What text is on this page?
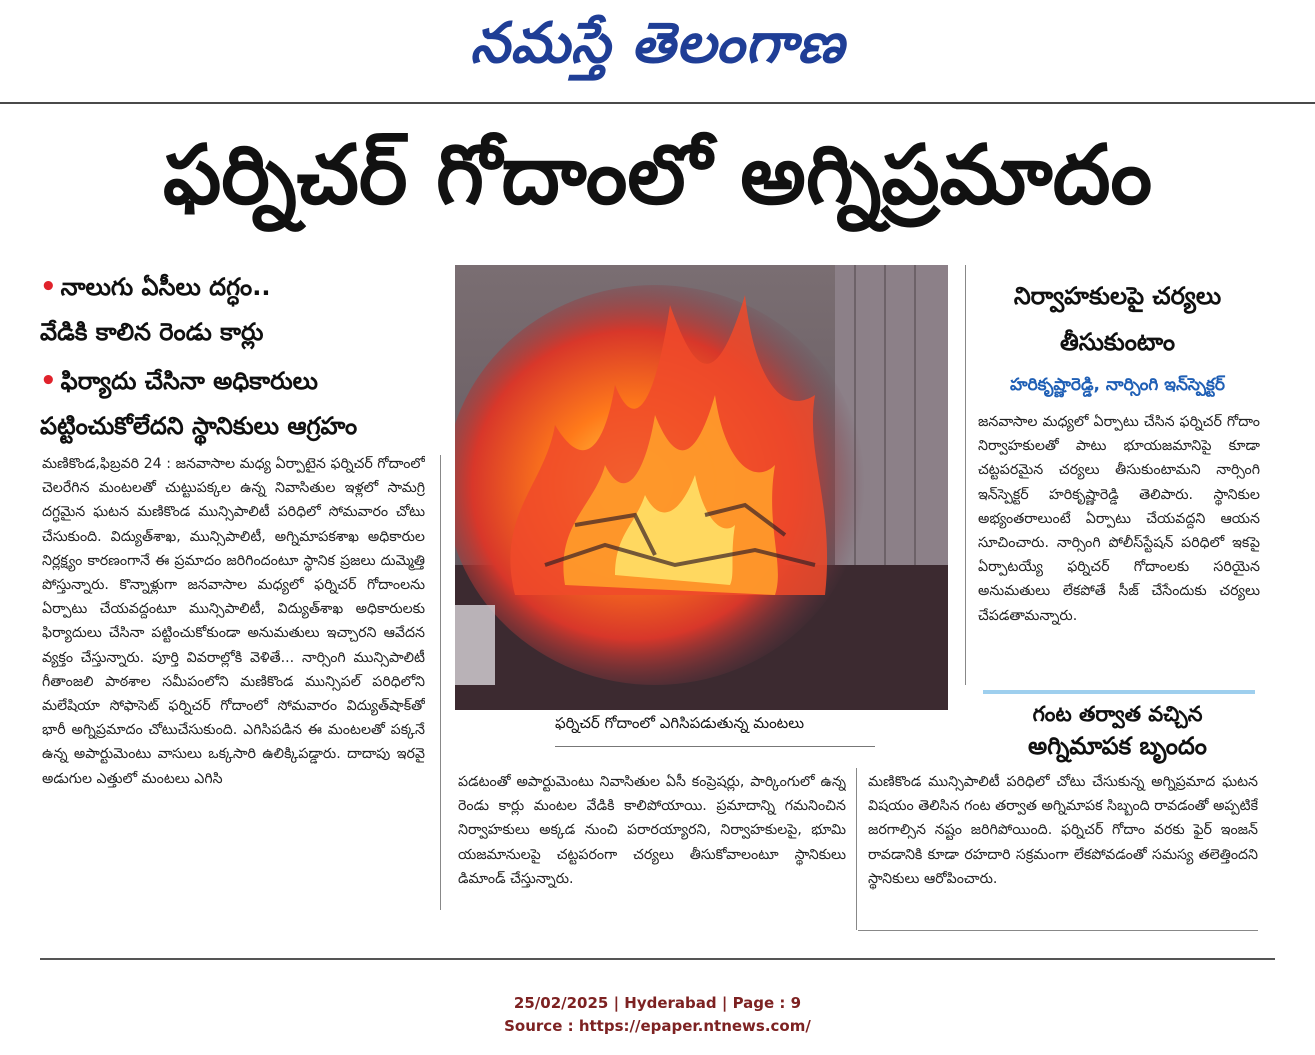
నమస్తే తెలంగాణ
ఫర్నిచర్ గోదాంలో అగ్నిప్రమాదం
• నాలుగు ఏసీలు దగ్ధం..
వేడికి కాలిన రెండు కార్లు
• ఫిర్యాదు చేసినా అధికారులు
పట్టించుకోలేదని స్థానికులు ఆగ్రహం
మణికొండ,ఫిబ్రవరి 24 : జనవాసాల మధ్య ఏర్పాటైన ఫర్నిచర్ గోదాంలో చెలరేగిన మంటలతో చుట్టుపక్కల ఉన్న నివాసితుల ఇళ్లలో సామగ్రి దగ్ధమైన ఘటన మణికొండ మున్సిపాలిటీ పరిధిలో సోమవారం చోటు చేసుకుంది. విద్యుత్‌శాఖ, మున్సిపాలిటీ, అగ్నిమాపకశాఖ అధికారుల నిర్లక్ష్యం కారణంగానే ఈ ప్రమాదం జరిగిందంటూ స్థానిక ప్రజలు దుమ్మెత్తి పోస్తున్నారు. కొన్నాళ్లుగా జనవాసాల మధ్యలో ఫర్నిచర్ గోదాంలను ఏర్పాటు చేయవద్దంటూ మున్సిపాలిటీ, విద్యుత్‌శాఖ అధికారులకు ఫిర్యాదులు చేసినా పట్టించుకోకుండా అనుమతులు ఇచ్చారని ఆవేదన వ్యక్తం చేస్తున్నారు. పూర్తి వివరాల్లోకి వెళితే... నార్సింగి మున్సిపాలిటీ గీతాంజలి పాఠశాల సమీపంలోని మణికొండ మున్సిపల్ పరిధిలోని మలేషియా సోఫాసెట్ ఫర్నిచర్ గోదాంలో సోమవారం విద్యుత్‌షాక్‌తో భారీ అగ్నిప్రమాదం చోటుచేసుకుంది. ఎగిసిపడిన ఈ మంటలతో పక్కనే ఉన్న అపార్టుమెంటు వాసులు ఒక్కసారి ఉలిక్కిపడ్డారు. దాదాపు ఇరవై అడుగుల ఎత్తులో మంటలు ఎగిసి
ఫర్నిచర్ గోదాంలో ఎగిసిపడుతున్న మంటలు
పడటంతో అపార్టుమెంటు నివాసితుల ఏసీ కంప్రెషర్లు, పార్కింగులో ఉన్న రెండు కార్లు మంటల వేడికి కాలిపోయాయి. ప్రమాదాన్ని గమనించిన నిర్వాహకులు అక్కడ నుంచి పరారయ్యారని, నిర్వాహకులపై, భూమి యజమానులపై చట్టపరంగా చర్యలు తీసుకోవాలంటూ స్థానికులు డిమాండ్ చేస్తున్నారు.
నిర్వాహకులపై చర్యలు
తీసుకుంటాం
హరికృష్ణారెడ్డి, నార్సింగి ఇన్‌స్పెక్టర్
జనవాసాల మధ్యలో ఏర్పాటు చేసిన ఫర్నిచర్ గోదాం నిర్వాహకులతో పాటు భూయజమానిపై కూడా చట్టపరమైన చర్యలు తీసుకుంటామని నార్సింగి ఇన్‌స్పెక్టర్ హరికృష్ణారెడ్డి తెలిపారు. స్థానికుల అభ్యంతరాలుంటే ఏర్పాటు చేయవద్దని ఆయన సూచించారు. నార్సింగి పోలీస్‌స్టేషన్ పరిధిలో ఇకపై ఏర్పాటయ్యే ఫర్నిచర్ గోదాంలకు సరియైన అనుమతులు లేకపోతే సీజ్ చేసేందుకు చర్యలు చేపడతామన్నారు.
గంట తర్వాత వచ్చిన
అగ్నిమాపక బృందం
మణికొండ మున్సిపాలిటీ పరిధిలో చోటు చేసుకున్న అగ్నిప్రమాద ఘటన విషయం తెలిసిన గంట తర్వాత అగ్నిమాపక సిబ్బంది రావడంతో అప్పటికే జరగాల్సిన నష్టం జరిగిపోయింది. ఫర్నిచర్ గోదాం వరకు ఫైర్ ఇంజన్ రావడానికి కూడా రహదారి సక్రమంగా లేకపోవడంతో సమస్య తలెత్తిందని స్థానికులు ఆరోపించారు.
25/02/2025 | Hyderabad | Page : 9
Source : https://epaper.ntnews.com/
